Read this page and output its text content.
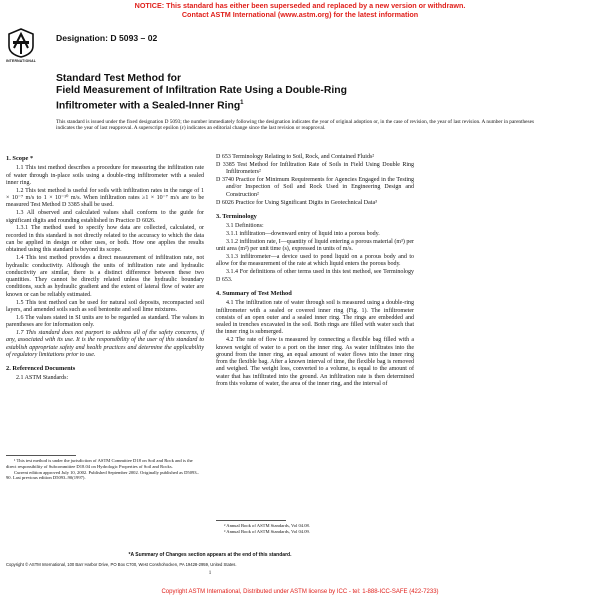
NOTICE: This standard has either been superseded and replaced by a new version or withdrawn.
Contact ASTM International (www.astm.org) for the latest information
INTERNATIONAL
Designation: D 5093 – 02
Standard Test Method for
Field Measurement of Infiltration Rate Using a Double-Ring
Infiltrometer with a Sealed-Inner Ring$^1$
This standard is issued under the fixed designation D 5093; the number immediately following the designation indicates the year of original adoption or, in the case of revision, the year of last revision. A number in parentheses indicates the year of last reapproval. A superscript epsilon (ε) indicates an editorial change since the last revision or reapproval.
1. Scope *

1.1 This test method describes a procedure for measuring the infiltration rate of water through in-place soils using a double-ring infiltrometer with a sealed inner ring.

1.2 This test method is useful for soils with infiltration rates in the range of 1 × 10⁻⁷ m/s to 1 × 10⁻¹⁰ m/s. When infiltration rates ≥1 × 10⁻⁷ m/s are to be measured Test Method D 3385 shall be used.

1.3 All observed and calculated values shall conform to the guide for significant digits and rounding established in Practice D 6026.

1.3.1 The method used to specify how data are collected, calculated, or recorded in this standard is not directly related to the accuracy to which the data can be applied in design or other uses, or both. How one applies the results obtained using this standard is beyond its scope.

1.4 This test method provides a direct measurement of infiltration rate, not hydraulic conductivity. Although the units of infiltration rate and hydraulic conductivity are similar, there is a distinct difference between these two quantities. They cannot be directly related unless the hydraulic boundary conditions, such as hydraulic gradient and the extent of lateral flow of water are known or can be reliably estimated.

1.5 This test method can be used for natural soil deposits, recompacted soil layers, and amended soils such as soil bentonite and soil lime mixtures.

1.6 The values stated in SI units are to be regarded as standard. The values in parentheses are for information only.

1.7 This standard does not purport to address all of the safety concerns, if any, associated with its use. It is the responsibility of the user of this standard to establish appropriate safety and health practices and determine the applicability of regulatory limitations prior to use.

2. Referenced Documents

2.1 ASTM Standards:

¹ This test method is under the jurisdiction of ASTM Committee D18 on Soil and Rock and is the direct responsibility of Subcommittee D18.04 on Hydrologic Properties of Soil and Rocks.

Current edition approved July 10, 2002. Published September 2002. Originally published as D5093–90. Last previous edition D5093–90(1997).

D 653 Terminology Relating to Soil, Rock, and Contained Fluids²

D 3385 Test Method for Infiltration Rate of Soils in Field Using Double Ring Infiltrometers²

D 3740 Practice for Minimum Requirements for Agencies Engaged in the Testing and/or Inspection of Soil and Rock Used in Engineering Design and Construction²

D 6026 Practice for Using Significant Digits in Geotechnical Data³

3. Terminology

3.1 Definitions:

3.1.1 infiltration—downward entry of liquid into a porous body.

3.1.2 infiltration rate, I—quantity of liquid entering a porous material (m³) per unit area (m²) per unit time (s), expressed in units of m/s.

3.1.3 infiltrometer—a device used to pond liquid on a porous body and to allow for the measurement of the rate at which liquid enters the porous body.

3.1.4 For definitions of other terms used in this test method, see Terminology D 653.

4. Summary of Test Method

4.1 The infiltration rate of water through soil is measured using a double-ring infiltrometer with a sealed or covered inner ring (Fig. 1). The infiltrometer consists of an open outer and a sealed inner ring. The rings are embedded and sealed in trenches excavated in the soil. Both rings are filled with water such that the inner ring is submerged.

4.2 The rate of flow is measured by connecting a flexible bag filled with a known weight of water to a port on the inner ring. As water infiltrates into the ground from the inner ring, an equal amount of water flows into the inner ring from the flexible bag. After a known interval of time, the flexible bag is removed and weighed. The weight loss, converted to a volume, is equal to the amount of water that has infiltrated into the ground. An infiltration rate is then determined from this volume of water, the area of the inner ring, and the interval of

² Annual Book of ASTM Standards, Vol 04.08.

³ Annual Book of ASTM Standards, Vol 04.09.

*A Summary of Changes section appears at the end of this standard.
Copyright © ASTM International, 100 Barr Harbor Drive, PO Box C700, West Conshohocken, PA 19428-2959, United States.
1
Copyright ASTM International, Distributed under ASTM license by ICC - tel: 1-888-ICC-SAFE (422-7233)
